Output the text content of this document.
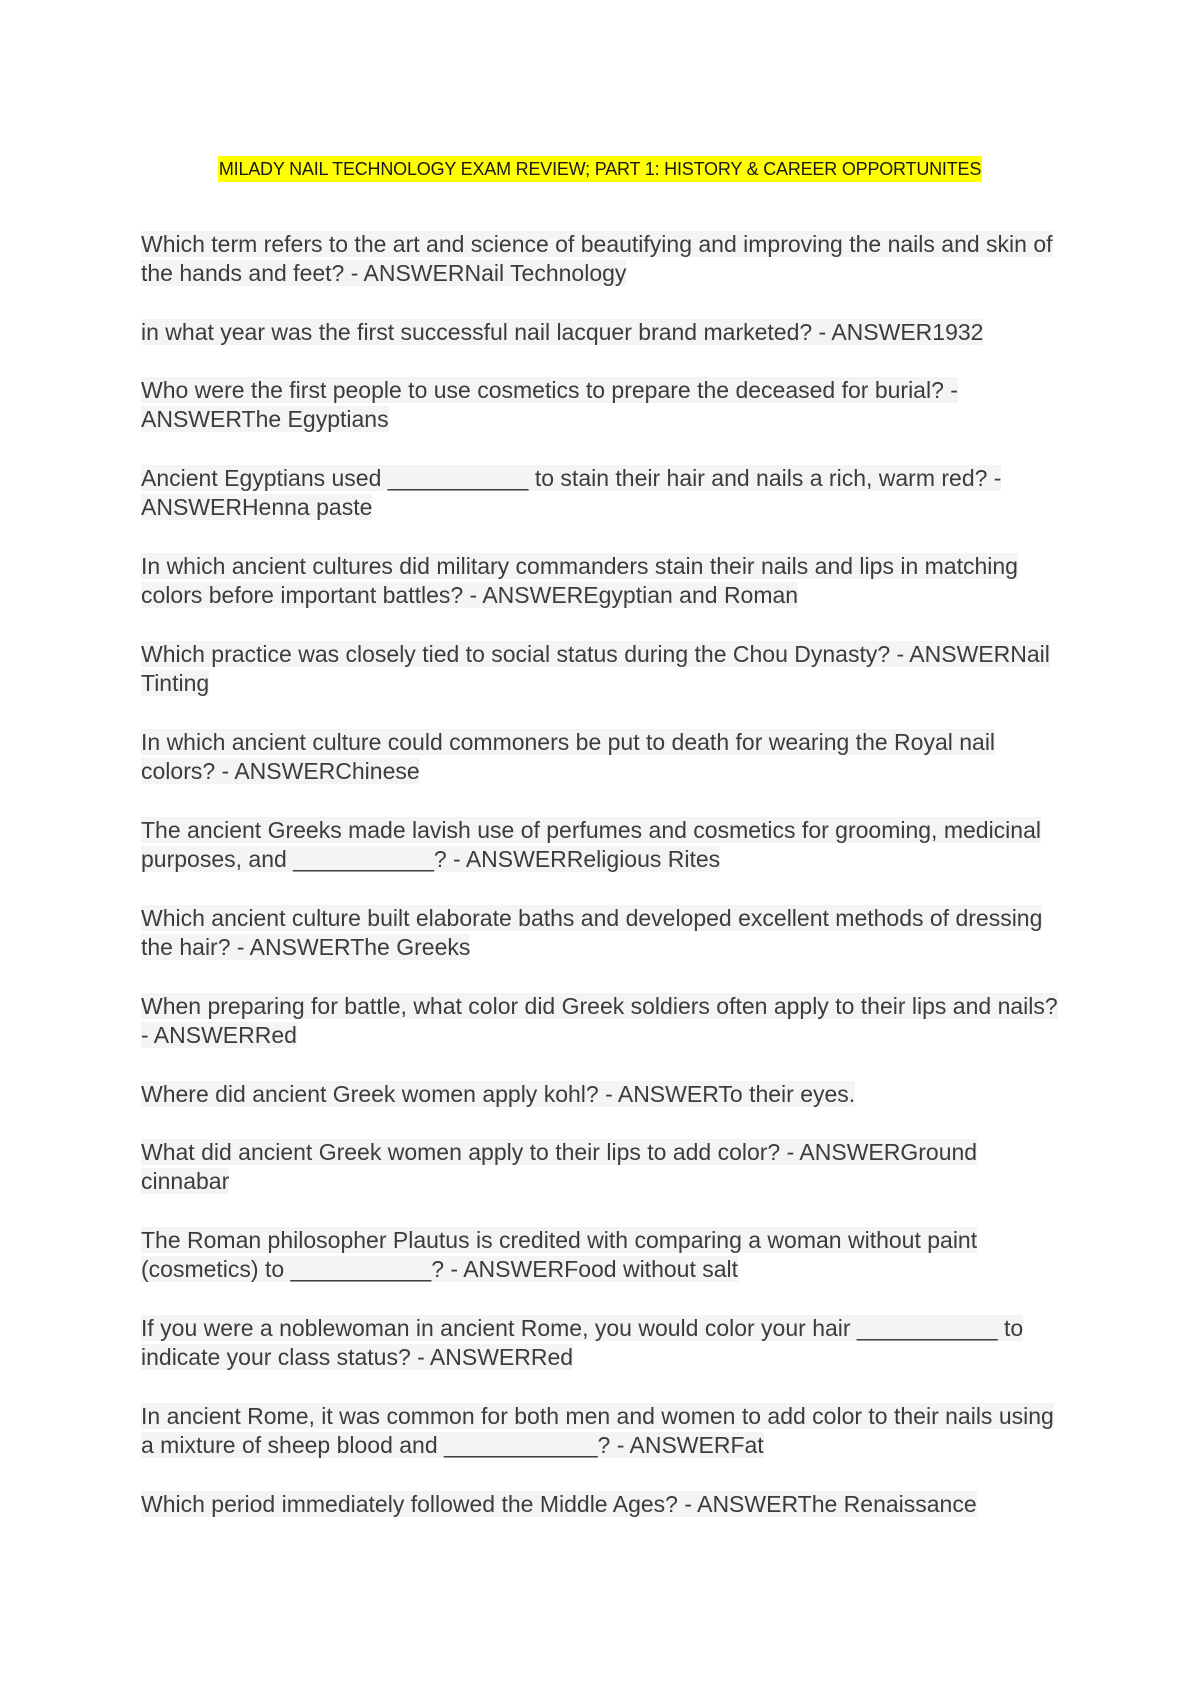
MILADY NAIL TECHNOLOGY EXAM REVIEW; PART 1: HISTORY & CAREER OPPORTUNITES
Which term refers to the art and science of beautifying and improving the nails and skin of the hands and feet? - ANSWERNail Technology
in what year was the first successful nail lacquer brand marketed? - ANSWER1932
Who were the first people to use cosmetics to prepare the deceased for burial? - ANSWERThe Egyptians
Ancient Egyptians used ___________ to stain their hair and nails a rich, warm red? - ANSWERHenna paste
In which ancient cultures did military commanders stain their nails and lips in matching colors before important battles? - ANSWEREgyptian and Roman
Which practice was closely tied to social status during the Chou Dynasty? - ANSWERNail Tinting
In which ancient culture could commoners be put to death for wearing the Royal nail colors? - ANSWERChinese
The ancient Greeks made lavish use of perfumes and cosmetics for grooming, medicinal purposes, and ___________? - ANSWERReligious Rites
Which ancient culture built elaborate baths and developed excellent methods of dressing the hair? - ANSWERThe Greeks
When preparing for battle, what color did Greek soldiers often apply to their lips and nails? - ANSWERRed
Where did ancient Greek women apply kohl? - ANSWERTo their eyes.
What did ancient Greek women apply to their lips to add color? - ANSWERGround cinnabar
The Roman philosopher Plautus is credited with comparing a woman without paint (cosmetics) to ___________? - ANSWERFood without salt
If you were a noblewoman in ancient Rome, you would color your hair ___________ to indicate your class status? - ANSWERRed
In ancient Rome, it was common for both men and women to add color to their nails using a mixture of sheep blood and ____________? - ANSWERFat
Which period immediately followed the Middle Ages? - ANSWERThe Renaissance
